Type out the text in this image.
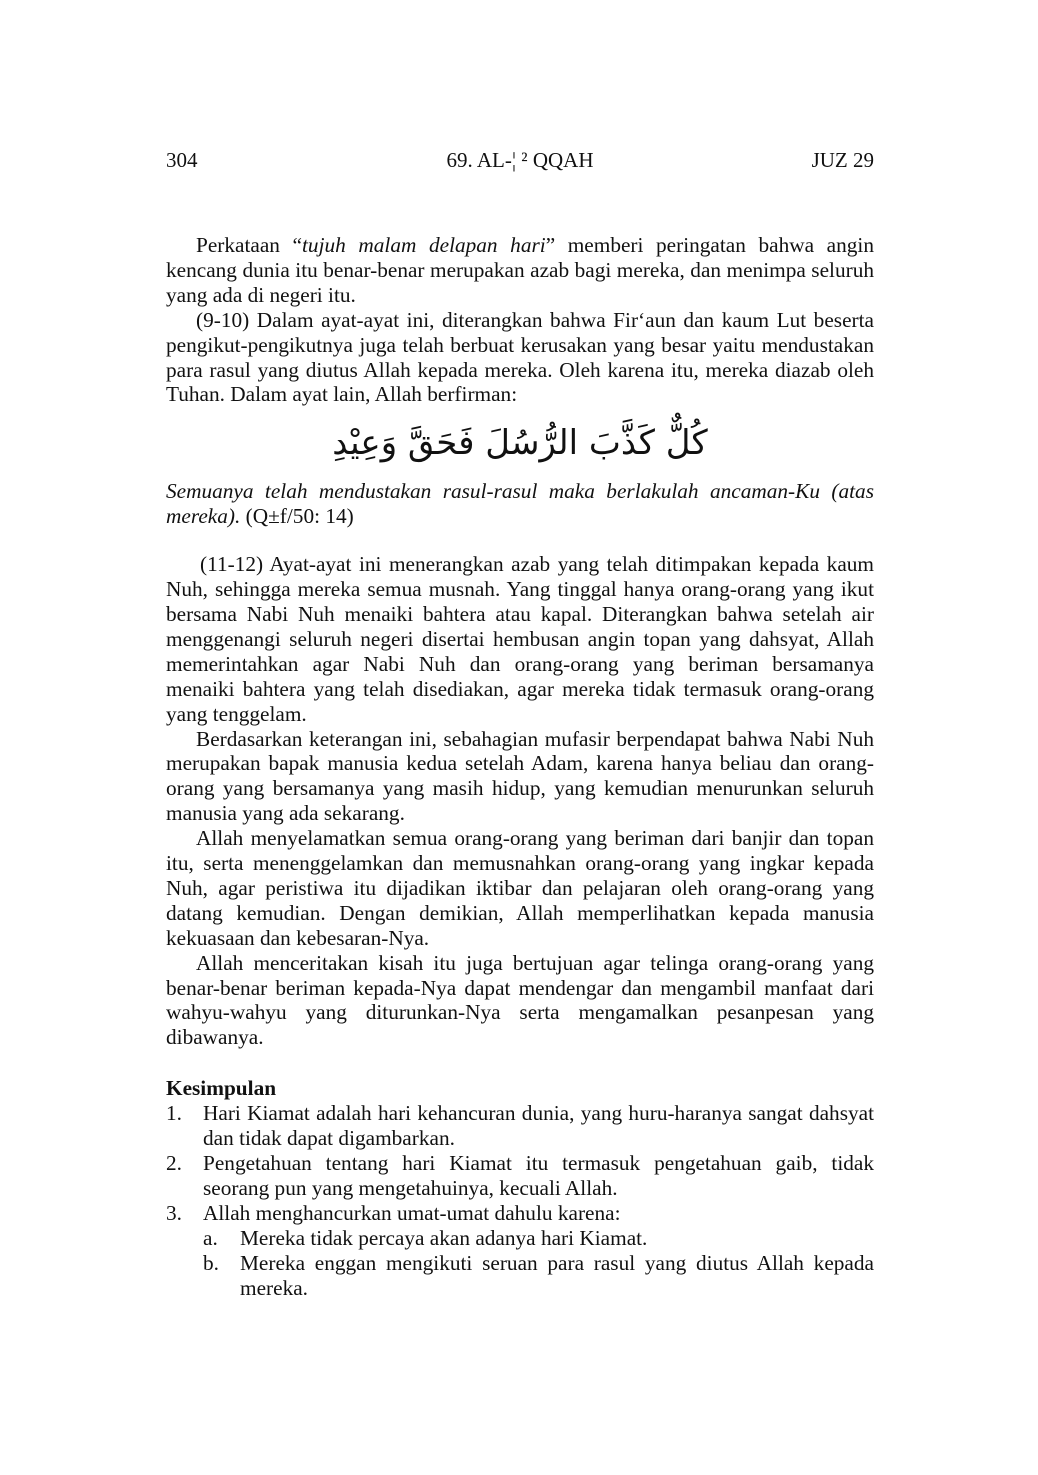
304	69. AL-¦ ² QQAH	JUZ 29

Perkataan “tujuh malam delapan hari” memberi peringatan bahwa angin kencang dunia itu benar-benar merupakan azab bagi mereka, dan menimpa seluruh yang ada di negeri itu.

(9-10) Dalam ayat-ayat ini, diterangkan bahwa Fir‘aun dan kaum Lut beserta pengikut-pengikutnya juga telah berbuat kerusakan yang besar yaitu mendustakan para rasul yang diutus Allah kepada mereka. Oleh karena itu, mereka diazab oleh Tuhan. Dalam ayat lain, Allah berfirman:

كُلٌّ كَذَّبَ الرُّسُلَ فَحَقَّ وَعِيْدِ

Semuanya telah mendustakan rasul-rasul maka berlakulah ancaman-Ku (atas mereka). (Q±f/50: 14)

(11-12) Ayat-ayat ini menerangkan azab yang telah ditimpakan kepada kaum Nuh, sehingga mereka semua musnah. Yang tinggal hanya orang-orang yang ikut bersama Nabi Nuh menaiki bahtera atau kapal. Diterangkan bahwa setelah air menggenangi seluruh negeri disertai hembusan angin topan yang dahsyat, Allah memerintahkan agar Nabi Nuh dan orang-orang yang beriman bersamanya menaiki bahtera yang telah disediakan, agar mereka tidak termasuk orang-orang yang tenggelam.

Berdasarkan keterangan ini, sebahagian mufasir berpendapat bahwa Nabi Nuh merupakan bapak manusia kedua setelah Adam, karena hanya beliau dan orang-orang yang bersamanya yang masih hidup, yang kemudian menurunkan seluruh manusia yang ada sekarang.

Allah menyelamatkan semua orang-orang yang beriman dari banjir dan topan itu, serta menenggelamkan dan memusnahkan orang-orang yang ingkar kepada Nuh, agar peristiwa itu dijadikan iktibar dan pelajaran oleh orang-orang yang datang kemudian. Dengan demikian, Allah memperlihatkan kepada manusia kekuasaan dan kebesaran-Nya.

Allah menceritakan kisah itu juga bertujuan agar telinga orang-orang yang benar-benar beriman kepada-Nya dapat mendengar dan mengambil manfaat dari wahyu-wahyu yang diturunkan-Nya serta mengamalkan pesanpesan yang dibawanya.

Kesimpulan

1. Hari Kiamat adalah hari kehancuran dunia, yang huru-haranya sangat dahsyat dan tidak dapat digambarkan.
2. Pengetahuan tentang hari Kiamat itu termasuk pengetahuan gaib, tidak seorang pun yang mengetahuinya, kecuali Allah.
3. Allah menghancurkan umat-umat dahulu karena:
a. Mereka tidak percaya akan adanya hari Kiamat.
b. Mereka enggan mengikuti seruan para rasul yang diutus Allah kepada mereka.
